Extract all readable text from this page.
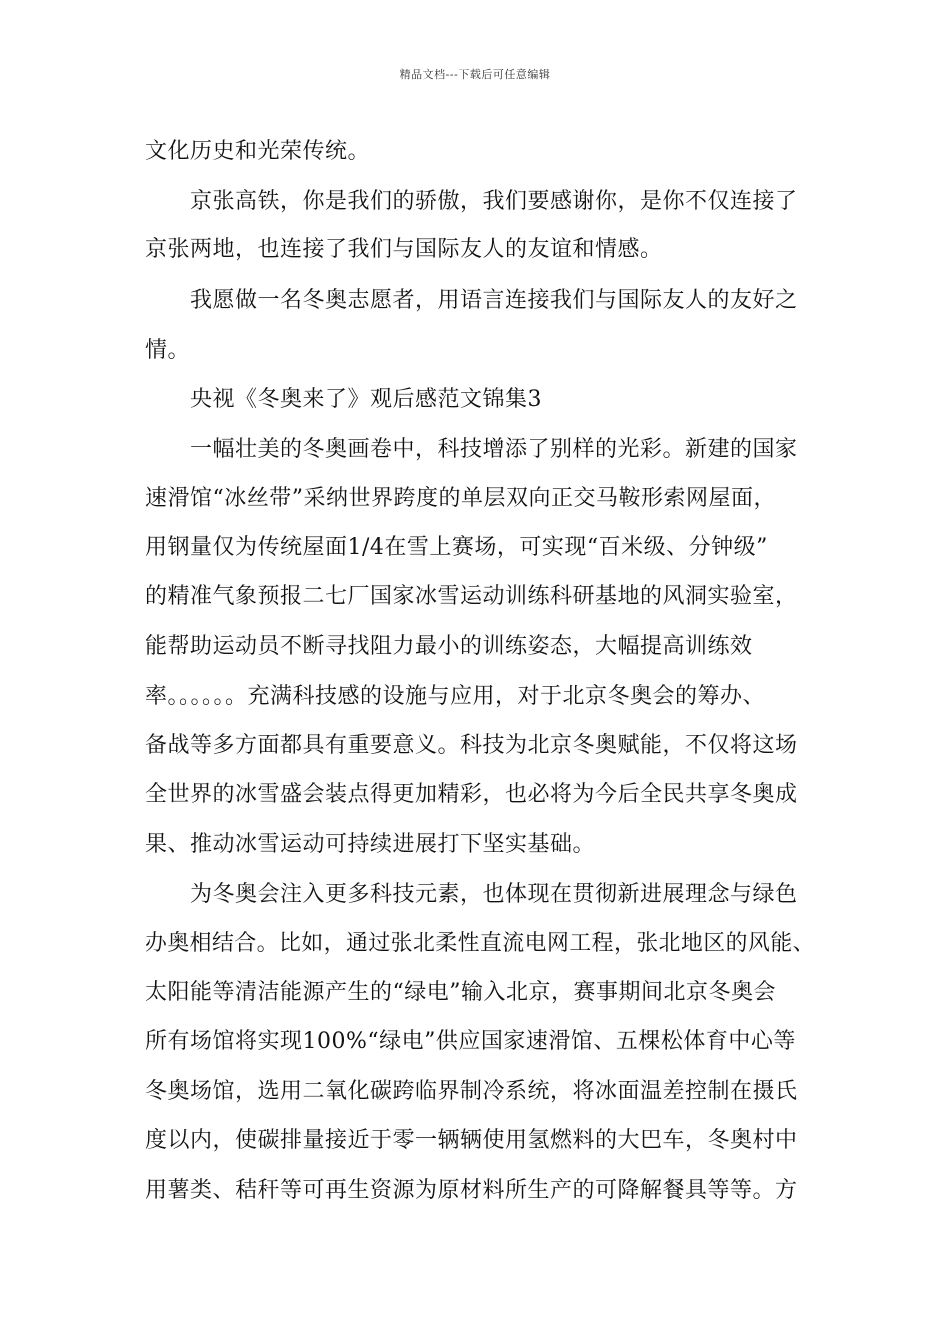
精品文档---下载后可任意编辑
文化历史和光荣传统。
　　京张高铁，你是我们的骄傲，我们要感谢你，是你不仅连接了
京张两地，也连接了我们与国际友人的友谊和情感。
　　我愿做一名冬奥志愿者，用语言连接我们与国际友人的友好之
情。
　　央视《冬奥来了》观后感范文锦集3
　　一幅壮美的冬奥画卷中，科技增添了别样的光彩。新建的国家
速滑馆“冰丝带”采纳世界跨度的单层双向正交马鞍形索网屋面，
用钢量仅为传统屋面1/4在雪上赛场，可实现“百米级、分钟级”
的精准气象预报二七厂国家冰雪运动训练科研基地的风洞实验室，
能帮助运动员不断寻找阻力最小的训练姿态，大幅提高训练效
率。。。。。。充满科技感的设施与应用，对于北京冬奥会的筹办、
备战等多方面都具有重要意义。科技为北京冬奥赋能，不仅将这场
全世界的冰雪盛会装点得更加精彩，也必将为今后全民共享冬奥成
果、推动冰雪运动可持续进展打下坚实基础。
　　为冬奥会注入更多科技元素，也体现在贯彻新进展理念与绿色
办奥相结合。比如，通过张北柔性直流电网工程，张北地区的风能、
太阳能等清洁能源产生的“绿电”输入北京，赛事期间北京冬奥会
所有场馆将实现100%“绿电”供应国家速滑馆、五棵松体育中心等
冬奥场馆，选用二氧化碳跨临界制冷系统，将冰面温差控制在摄氏
度以内，使碳排量接近于零一辆辆使用氢燃料的大巴车，冬奥村中
用薯类、秸秆等可再生资源为原材料所生产的可降解餐具等等。方
